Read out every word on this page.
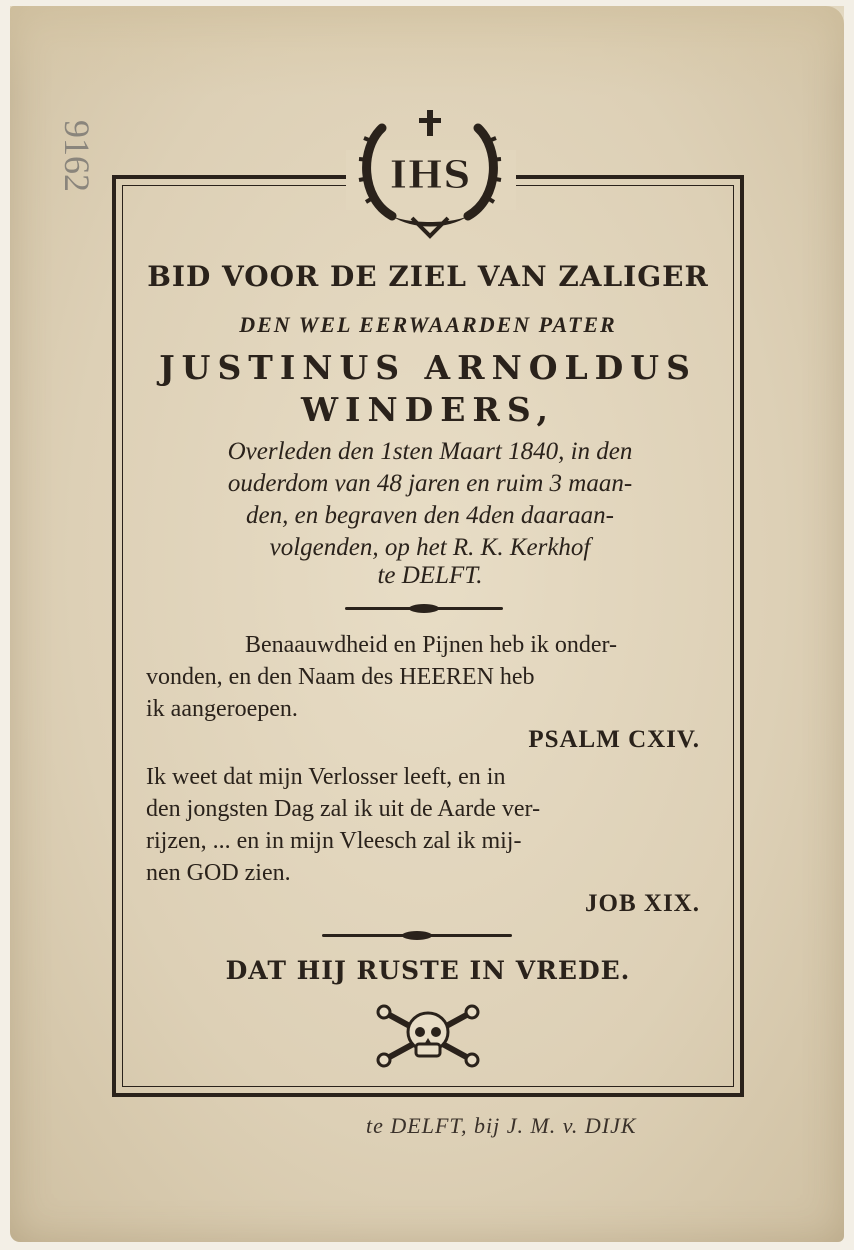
9162	IHS

BID VOOR DE ZIEL VAN ZALIGER

DEN WEL EERWAARDEN PATER

JUSTINUS ARNOLDUS

WINDERS,

Overleden den 1sten Maart 1840, in den

ouderdom van 48 jaren en ruim 3 maan-

den, en begraven den 4den daaraan-

volgenden, op het R. K. Kerkhof

te DELFT.

Benaauwdheid en Pijnen heb ik onder-

vonden, en den Naam des HEEREN heb

ik aangeroepen.

PSALM CXIV.

Ik weet dat mijn Verlosser leeft, en in

den jongsten Dag zal ik uit de Aarde ver-

rijzen, ... en in mijn Vleesch zal ik mij-

nen GOD zien.

JOB XIX.

DAT HIJ RUSTE IN VREDE.

te DELFT, bij J. M. v. DIJK
